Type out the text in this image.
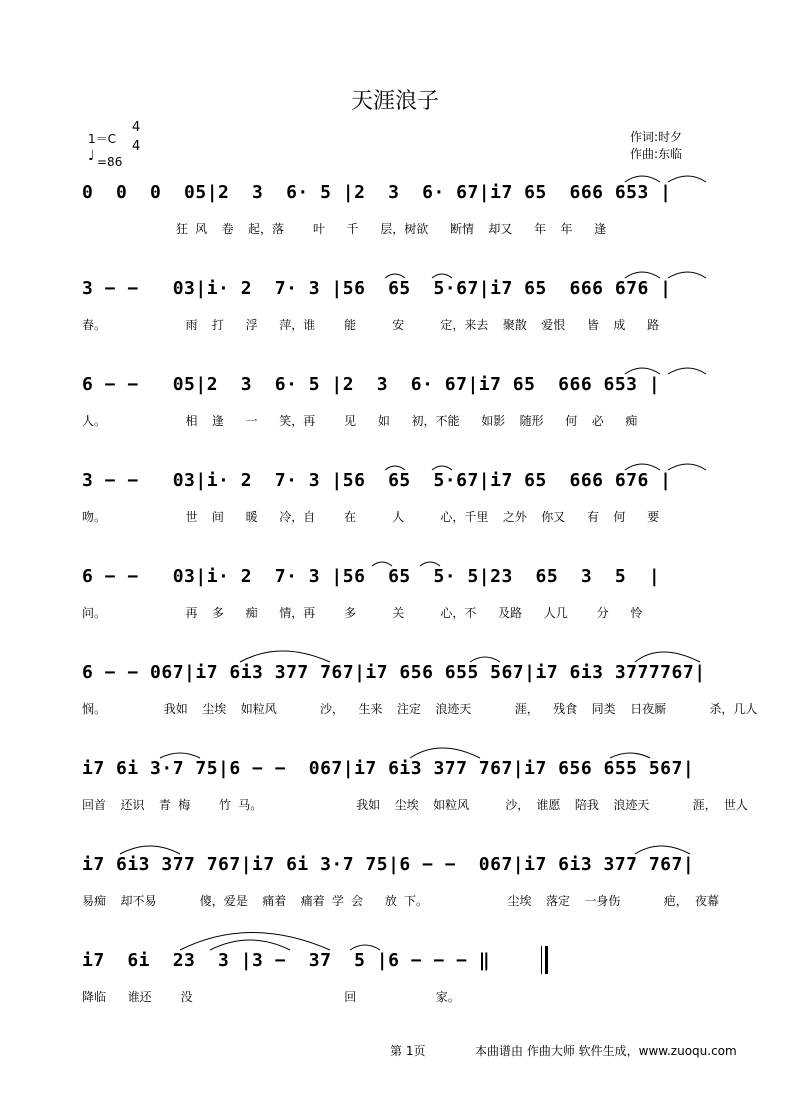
天涯浪子
1＝C
4
4
♩ =86
作词:时夕
作曲:东临
0  0  0  05|2  3  6· 5 |2  3  6· 67|i7 65  666 653 |
狂 风  卷  起，落    叶   千   层，树欲   断情  却又   年  年   逢
3 − −   03|i· 2  7· 3 |56  65  5·67|i7 65  666 676 |
春。           雨  打   浮   萍，谁    能     安     定，来去  聚散  爱恨   皆  成   路
6 − −   05|2  3  6· 5 |2  3  6· 67|i7 65  666 653 |
人。           相  逢   一   笑，再    见   如   初，不能   如影  随形   何  必   痴
3 − −   03|i· 2  7· 3 |56  65  5·67|i7 65  666 676 |
吻。           世  间   暖   冷，自    在     人     心，千里  之外  你又   有  何   要
6 − −   03|i· 2  7· 3 |56  65  5· 5|23  65  3  5  |
问。           再  多   痴   情，再    多     关     心，不   及路   人几    分   怜
6 − − 067|i7 6i3 377 767|i7 656 655 567|i7 6i3 3777767|
悯。        我如  尘埃  如粒风      沙，  生来  注定  浪迹天      涯，  残食  同类  日夜厮      杀，几人
i7 6i 3·7 75|6 − −  067|i7 6i3 377 767|i7 656 655 567|
回首  还识  青 梅    竹 马。             我如  尘埃  如粒风     沙， 谁愿  陪我  浪迹天      涯， 世人
i7 6i3 377 767|i7 6i 3·7 75|6 − −  067|i7 6i3 377 767|
易痴  却不易      傻，爱是  痛着  痛着 学 会   放 下。           尘埃  落定  一身伤      疤， 夜幕
i7  6i  23  3 |3 −  37  5 |6 − − − ‖
降临   谁还    没                     回           家。
第 1页	本曲谱由 作曲大师 软件生成，www.zuoqu.com
